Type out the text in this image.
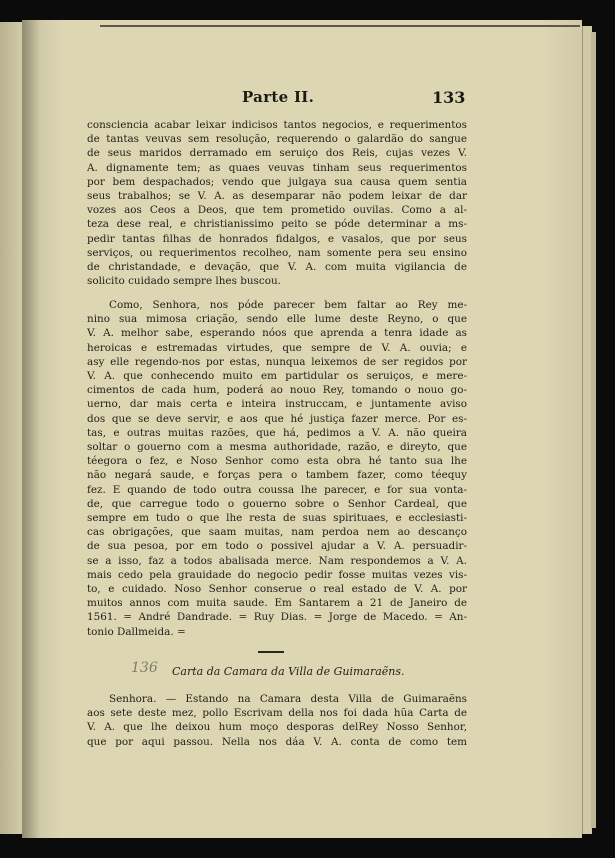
Parte II.	133
consciencia acabar leixar indicisos tantos negocios, e requerimentos
de tantas veuvas sem resolução, requerendo o galardão do sangue
de seus maridos derramado em seruiço dos Reis, cujas vezes V.
A. dignamente tem; as quaes veuvas tinham seus requerimentos
por bem despachados; vendo que julgaya sua causa quem sentia
seus trabalhos; se V. A. as desemparar não podem leixar de dar
vozes aos Ceos a Deos, que tem prometido ouvilas. Como a al-
teza dese real, e christianissimo peito se póde determinar a ms-
pedir tantas filhas de honrados fidalgos, e vasalos, que por seus
serviços, ou requerimentos recolheo, nam somente pera seu ensino
de christandade, e devação, que V. A. com muita vigilancia de
solicito cuidado sempre lhes buscou.
Como, Senhora, nos póde parecer bem faltar ao Rey me-
nino sua mimosa criação, sendo elle lume deste Reyno, o que
V. A. melhor sabe, esperando nóos que aprenda a tenra idade as
heroicas e estremadas virtudes, que sempre de V. A. ouvia; e
asy elle regendo-nos por estas, nunqua leixemos de ser regidos por
V. A. que conhecendo muito em partidular os seruiços, e mere-
cimentos de cada hum, poderá ao nouo Rey, tomando o nouo go-
uerno, dar mais certa e inteira instruccam, e juntamente aviso
dos que se deve servir, e aos que hé justiça fazer merce. Por es-
tas, e outras muitas razões, que há, pedimos a V. A. não queira
soltar o gouerno com a mesma authoridade, razão, e direyto, que
téegora o fez, e Noso Senhor como esta obra hé tanto sua lhe
não negará saude, e forças pera o tambem fazer, como téequy
fez. E quando de todo outra coussa lhe parecer, e for sua vonta-
de, que carregue todo o gouerno sobre o Senhor Cardeal, que
sempre em tudo o que lhe resta de suas spirituaes, e ecclesiasti-
cas obrigações, que saam muitas, nam perdoa nem ao descanço
de sua pesoa, por em todo o possivel ajudar a V. A. persuadir-
se a isso, faz a todos abalisada merce. Nam respondemos a V. A.
mais cedo pela grauidade do negocio pedir fosse muitas vezes vis-
to, e cuidado. Noso Senhor conserue o real estado de V. A. por
muitos annos com muita saude. Em Santarem a 21 de Janeiro de
1561. = André Dandrade. = Ruy Dias. = Jorge de Macedo. = An-
tonio Dallmeida. =
136 Carta da Camara da Villa de Guimaraẽns.
Senhora. — Estando na Camara desta Villa de Guimaraẽns
aos sete deste mez, pollo Escrivam della nos foi dada hũa Carta de
V. A. que lhe deixou hum moço desporas delRey Nosso Senhor,
que por aqui passou. Nella nos dáa V. A. conta de como tem
